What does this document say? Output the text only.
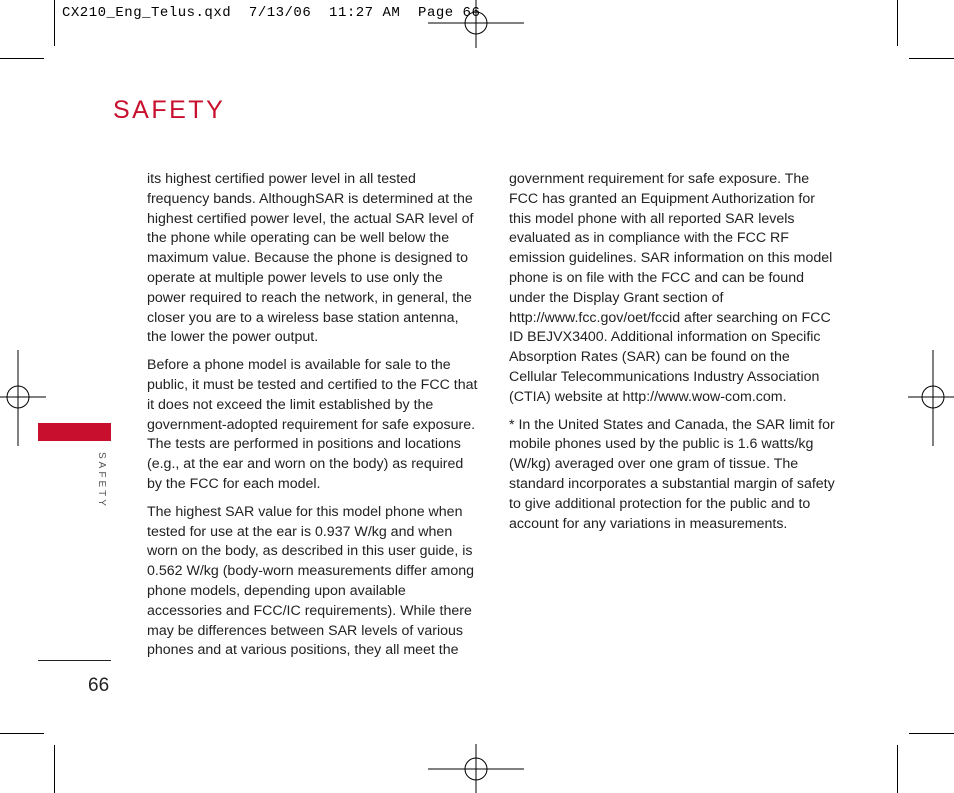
CX210_Eng_Telus.qxd  7/13/06  11:27 AM  Page 66
SAFETY
SAFETY

its highest certified power level in all tested frequency bands. AlthoughSAR is determined at the highest certified power level, the actual SAR level of the phone while operating can be well below the maximum value. Because the phone is designed to operate at multiple power levels to use only the power required to reach the network, in general, the closer you are to a wireless base station antenna, the lower the power output.

Before a phone model is available for sale to the public, it must be tested and certified to the FCC that it does not exceed the limit established by the government-adopted requirement for safe exposure. The tests are performed in positions and locations (e.g., at the ear and worn on the body) as required by the FCC for each model.

The highest SAR value for this model phone when tested for use at the ear is 0.937 W/kg and when worn on the body, as described in this user guide, is 0.562 W/kg (body-worn measurements differ among phone models, depending upon available accessories and FCC/IC requirements). While there may be differences between SAR levels of various phones and at various positions, they all meet the

government requirement for safe exposure. The FCC has granted an Equipment Authorization for this model phone with all reported SAR levels evaluated as in compliance with the FCC RF emission guidelines. SAR information on this model phone is on file with the FCC and can be found under the Display Grant section of http://www.fcc.gov/oet/fccid after searching on FCC ID BEJVX3400. Additional information on Specific Absorption Rates (SAR) can be found on the Cellular Telecommunications Industry Association (CTIA) website at http://www.wow-com.com.

* In the United States and Canada, the SAR limit for mobile phones used by the public is 1.6 watts/kg (W/kg) averaged over one gram of tissue. The standard incorporates a substantial margin of safety to give additional protection for the public and to account for any variations in measurements.

66
